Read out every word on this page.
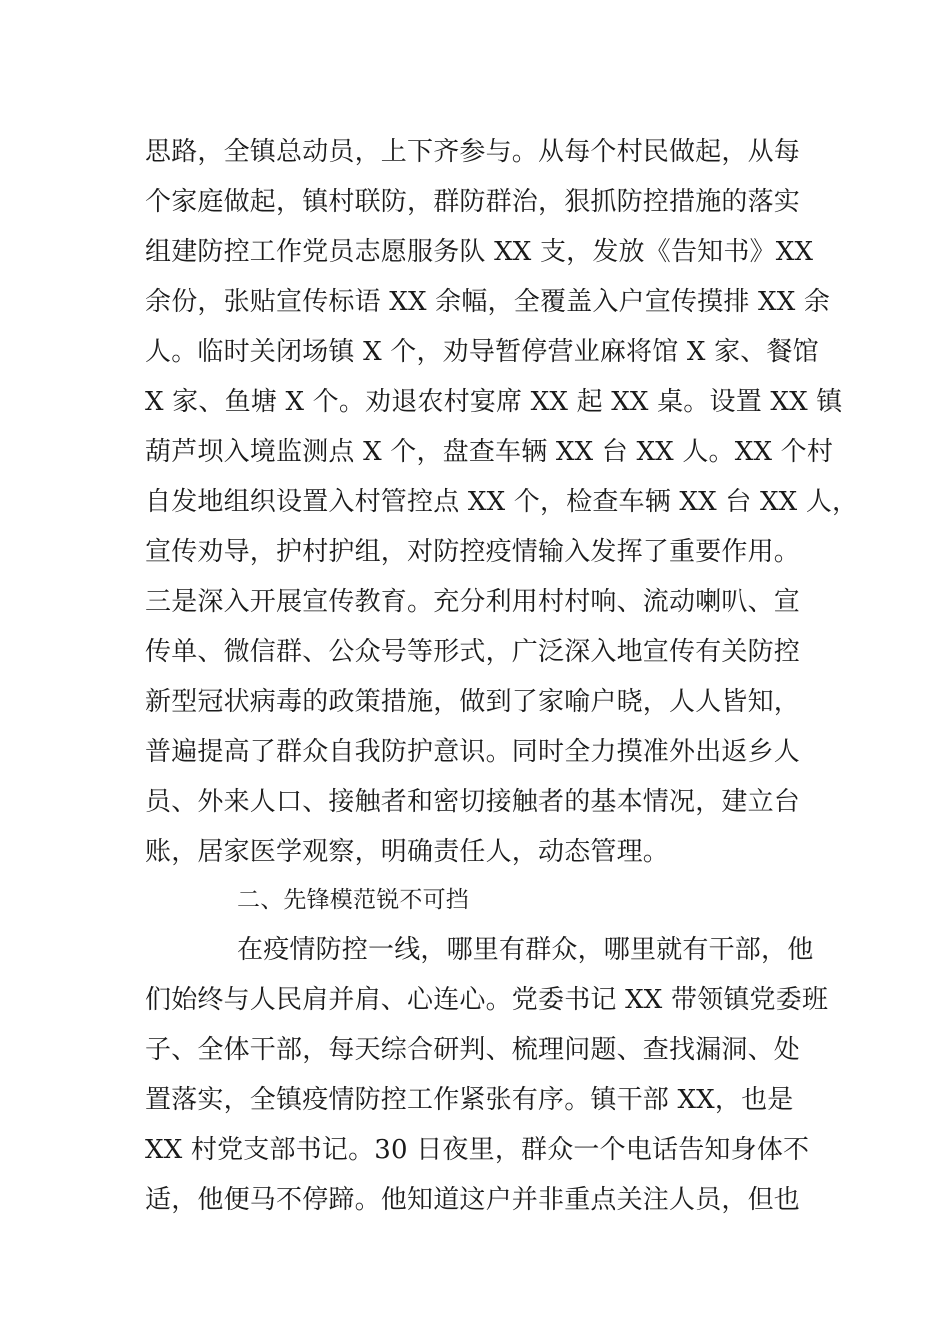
思路，全镇总动员，上下齐参与。从每个村民做起，从每
个家庭做起，镇村联防，群防群治，狠抓防控措施的落实
组建防控工作党员志愿服务队 XX 支，发放《告知书》XX
余份，张贴宣传标语 XX 余幅，全覆盖入户宣传摸排 XX 余
人。临时关闭场镇 X 个，劝导暂停营业麻将馆 X 家、餐馆
X 家、鱼塘 X 个。劝退农村宴席 XX 起 XX 桌。设置 XX 镇
葫芦坝入境监测点 X 个，盘查车辆 XX 台 XX 人。XX 个村
自发地组织设置入村管控点 XX 个，检查车辆 XX 台 XX 人，
宣传劝导，护村护组，对防控疫情输入发挥了重要作用。
三是深入开展宣传教育。充分利用村村响、流动喇叭、宣
传单、微信群、公众号等形式，广泛深入地宣传有关防控
新型冠状病毒的政策措施，做到了家喻户晓，人人皆知，
普遍提高了群众自我防护意识。同时全力摸准外出返乡人
员、外来人口、接触者和密切接触者的基本情况，建立台
账，居家医学观察，明确责任人，动态管理。
二、先锋模范锐不可挡
在疫情防控一线，哪里有群众，哪里就有干部，他
们始终与人民肩并肩、心连心。党委书记 XX 带领镇党委班
子、全体干部，每天综合研判、梳理问题、查找漏洞、处
置落实，全镇疫情防控工作紧张有序。镇干部 XX，也是
XX 村党支部书记。30 日夜里，群众一个电话告知身体不
适，他便马不停蹄。他知道这户并非重点关注人员，但也
